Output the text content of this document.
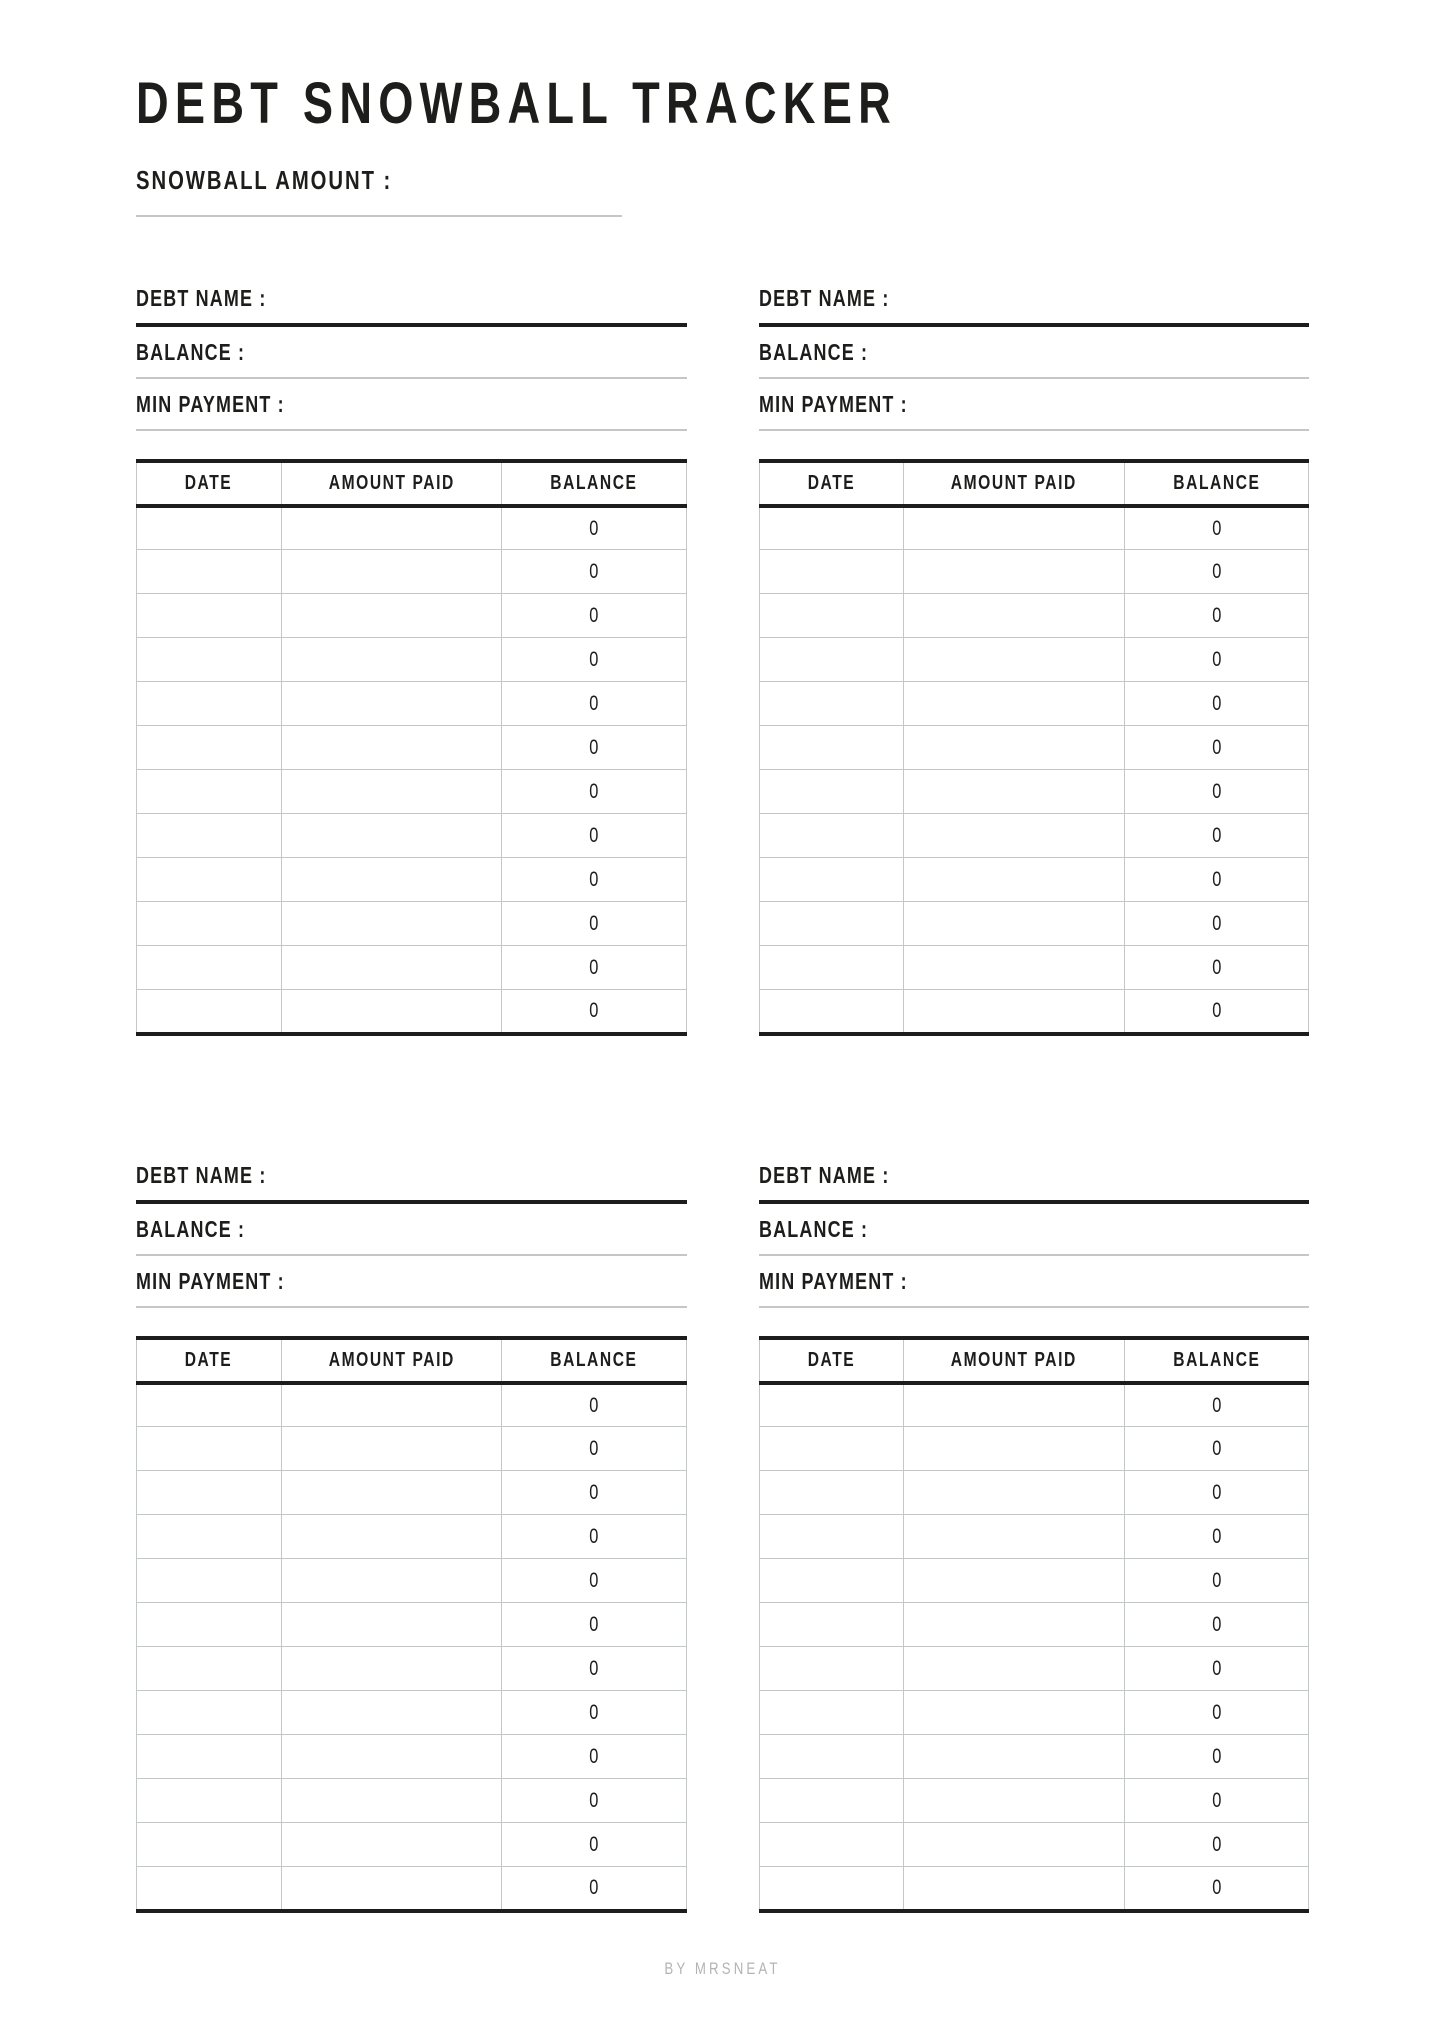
DEBT SNOWBALL TRACKER
SNOWBALL AMOUNT :
DEBT NAME :
BALANCE :
MIN PAYMENT :
DATE	AMOUNT PAID	BALANCE
		0
		0
		0
		0
		0
		0
		0
		0
		0
		0
		0
		0
DEBT NAME :
BALANCE :
MIN PAYMENT :
DATE	AMOUNT PAID	BALANCE
		0
		0
		0
		0
		0
		0
		0
		0
		0
		0
		0
		0
DEBT NAME :
BALANCE :
MIN PAYMENT :
DATE	AMOUNT PAID	BALANCE
		0
		0
		0
		0
		0
		0
		0
		0
		0
		0
		0
		0
DEBT NAME :
BALANCE :
MIN PAYMENT :
DATE	AMOUNT PAID	BALANCE
		0
		0
		0
		0
		0
		0
		0
		0
		0
		0
		0
		0
BY MRSNEAT
